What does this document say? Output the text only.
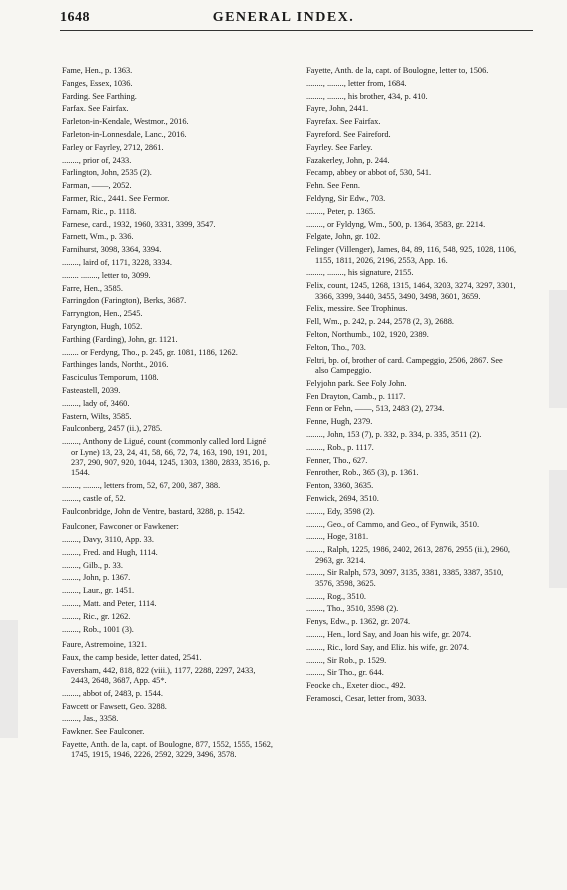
1648	GENERAL INDEX.

Fame, Hen., p. 1363.

Fanges, Essex, 1036.

Farding. See Farthing.

Farfax. See Fairfax.

Farleton-in-Kendale, Westmor., 2016.

Farleton-in-Lonnesdale, Lanc., 2016.

Farley or Fayrley, 2712, 2861.

........, prior of, 2433.

Farlington, John, 2535 (2).

Farman, ——, 2052.

Farmer, Ric., 2441. See Fermor.

Farnam, Ric., p. 1118.

Farnese, card., 1932, 1960, 3331, 3399, 3547.

Farnett, Wm., p. 336.

Farnihurst, 3098, 3364, 3394.

........, laird of, 1171, 3228, 3334.

........ ........, letter to, 3099.

Farre, Hen., 3585.

Farringdon (Farington), Berks, 3687.

Farryngton, Hen., 2545.

Faryngton, Hugh, 1052.

Farthing (Farding), John, gr. 1121.

........ or Ferdyng, Tho., p. 245, gr. 1081, 1186, 1262.

Farthinges lands, Northt., 2016.

Fasciculus Temporum, 1108.

Fasteastell, 2039.

........, lady of, 3460.

Fastern, Wilts, 3585.

Faulconberg, 2457 (ii.), 2785.

........, Anthony de Ligué, count (commonly called lord Ligné or Lyne) 13, 23, 24, 41, 58, 66, 72, 74, 163, 190, 191, 201, 237, 290, 907, 920, 1044, 1245, 1303, 1380, 2833, 3516, p. 1544.

........, ........, letters from, 52, 67, 200, 387, 388.

........, castle of, 52.

Faulconbridge, John de Ventre, bastard, 3288, p. 1542.

Faulconer, Fawconer or Fawkener:

........, Davy, 3110, App. 33.

........, Fred. and Hugh, 1114.

........, Gilb., p. 33.

........, John, p. 1367.

........, Laur., gr. 1451.

........, Matt. and Peter, 1114.

........, Ric., gr. 1262.

........, Rob., 1001 (3).

Faure, Astremoine, 1321.

Faux, the camp beside, letter dated, 2541.

Faversham, 442, 818, 822 (viii.), 1177, 2288, 2297, 2433, 2443, 2648, 3687, App. 45*.

........, abbot of, 2483, p. 1544.

Fawcett or Fawsett, Geo. 3288.

........, Jas., 3358.

Fawkner. See Faulconer.

Fayette, Anth. de la, capt. of Boulogne, 877, 1552, 1555, 1562, 1745, 1915, 1946, 2226, 2592, 3229, 3496, 3578.

Fayette, Anth. de la, capt. of Boulogne, letter to, 1506.

........, ........, letter from, 1684.

........, ........, his brother, 434, p. 410.

Fayre, John, 2441.

Fayrefax. See Fairfax.

Fayreford. See Faireford.

Fayrley. See Farley.

Fazakerley, John, p. 244.

Fecamp, abbey or abbot of, 530, 541.

Fehn. See Fenn.

Feldyng, Sir Edw., 703.

........, Peter, p. 1365.

........, or Fyldyng, Wm., 500, p. 1364, 3583, gr. 2214.

Felgate, John, gr. 102.

Felinger (Villenger), James, 84, 89, 116, 548, 925, 1028, 1106, 1155, 1811, 2026, 2196, 2553, App. 16.

........, ........, his signature, 2155.

Felix, count, 1245, 1268, 1315, 1464, 3203, 3274, 3297, 3301, 3366, 3399, 3440, 3455, 3490, 3498, 3601, 3659.

Felix, messire. See Trophinus.

Fell, Wm., p. 242, p. 244, 2578 (2, 3), 2688.

Felton, Northumb., 102, 1920, 2389.

Felton, Tho., 703.

Feltri, bp. of, brother of card. Campeggio, 2506, 2867. See also Campeggio.

Felyjohn park. See Foly John.

Fen Drayton, Camb., p. 1117.

Fenn or Fehn, ——, 513, 2483 (2), 2734.

Fenne, Hugh, 2379.

........, John, 153 (7), p. 332, p. 334, p. 335, 3511 (2).

........, Rob., p. 1117.

Fenner, Tho., 627.

Fenrother, Rob., 365 (3), p. 1361.

Fenton, 3360, 3635.

Fenwick, 2694, 3510.

........, Edy, 3598 (2).

........, Geo., of Cammo, and Geo., of Fynwik, 3510.

........, Hoge, 3181.

........, Ralph, 1225, 1986, 2402, 2613, 2876, 2955 (ii.), 2960, 2963, gr. 3214.

........, Sir Ralph, 573, 3097, 3135, 3381, 3385, 3387, 3510, 3576, 3598, 3625.

........, Rog., 3510.

........, Tho., 3510, 3598 (2).

Fenys, Edw., p. 1362, gr. 2074.

........, Hen., lord Say, and Joan his wife, gr. 2074.

........, Ric., lord Say, and Eliz. his wife, gr. 2074.

........, Sir Rob., p. 1529.

........, Sir Tho., gr. 644.

Feocke ch., Exeter dioc., 492.

Feramosci, Cesar, letter from, 3033.
